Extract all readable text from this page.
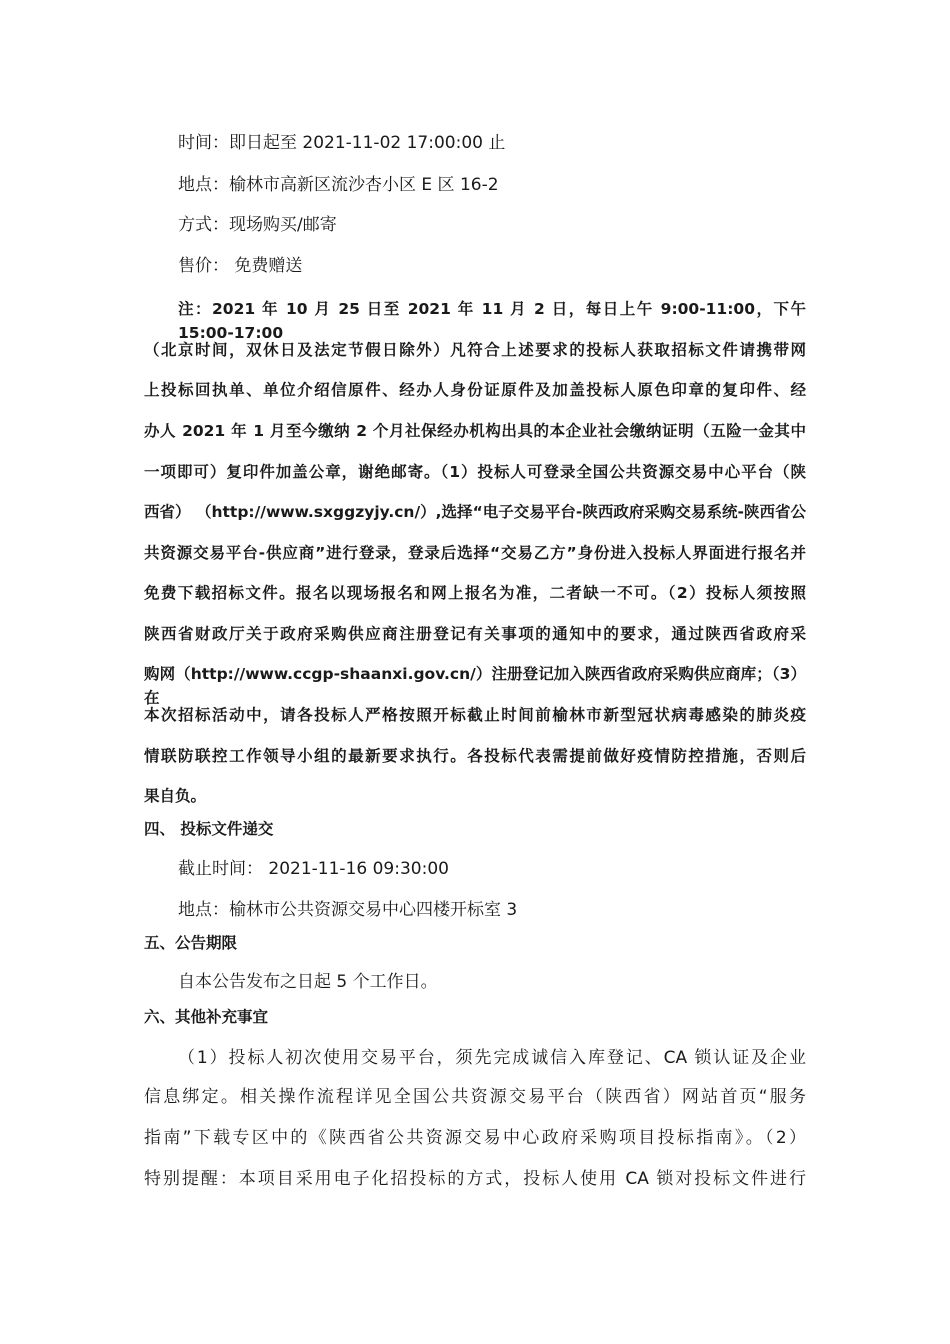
时间：即日起至 2021-11-02 17:00:00 止
地点：榆林市高新区流沙杏小区 E 区 16-2
方式：现场购买/邮寄
售价： 免费赠送
注：2021 年 10 月 25 日至 2021 年 11 月 2 日，每日上午 9:00-11:00，下午 15:00-17:00
（北京时间，双休日及法定节假日除外）凡符合上述要求的投标人获取招标文件请携带网
上投标回执单、单位介绍信原件、经办人身份证原件及加盖投标人原色印章的复印件、经
办人 2021 年 1 月至今缴纳 2 个月社保经办机构出具的本企业社会缴纳证明（五险一金其中
一项即可）复印件加盖公章，谢绝邮寄。（1）投标人可登录全国公共资源交易中心平台（陕
西省） （http://www.sxggzyjy.cn/）,选择“电子交易平台-陕西政府采购交易系统-陕西省公
共资源交易平台-供应商”进行登录，登录后选择“交易乙方”身份进入投标人界面进行报名并
免费下载招标文件。报名以现场报名和网上报名为准，二者缺一不可。（2）投标人须按照
陕西省财政厅关于政府采购供应商注册登记有关事项的通知中的要求，通过陕西省政府采
购网（http://www.ccgp-shaanxi.gov.cn/）注册登记加入陕西省政府采购供应商库；（3）在
本次招标活动中，请各投标人严格按照开标截止时间前榆林市新型冠状病毒感染的肺炎疫
情联防联控工作领导小组的最新要求执行。各投标代表需提前做好疫情防控措施，否则后
果自负。
四、 投标文件递交
截止时间： 2021-11-16 09:30:00
地点：榆林市公共资源交易中心四楼开标室 3
五、公告期限
自本公告发布之日起 5 个工作日。
六、其他补充事宜
（1）投标人初次使用交易平台，须先完成诚信入库登记、CA 锁认证及企业
信息绑定。相关操作流程详见全国公共资源交易平台（陕西省）网站首页“服务
指南”下载专区中的《陕西省公共资源交易中心政府采购项目投标指南》。（2）
特别提醒：本项目采用电子化招投标的方式，投标人使用 CA 锁对投标文件进行
